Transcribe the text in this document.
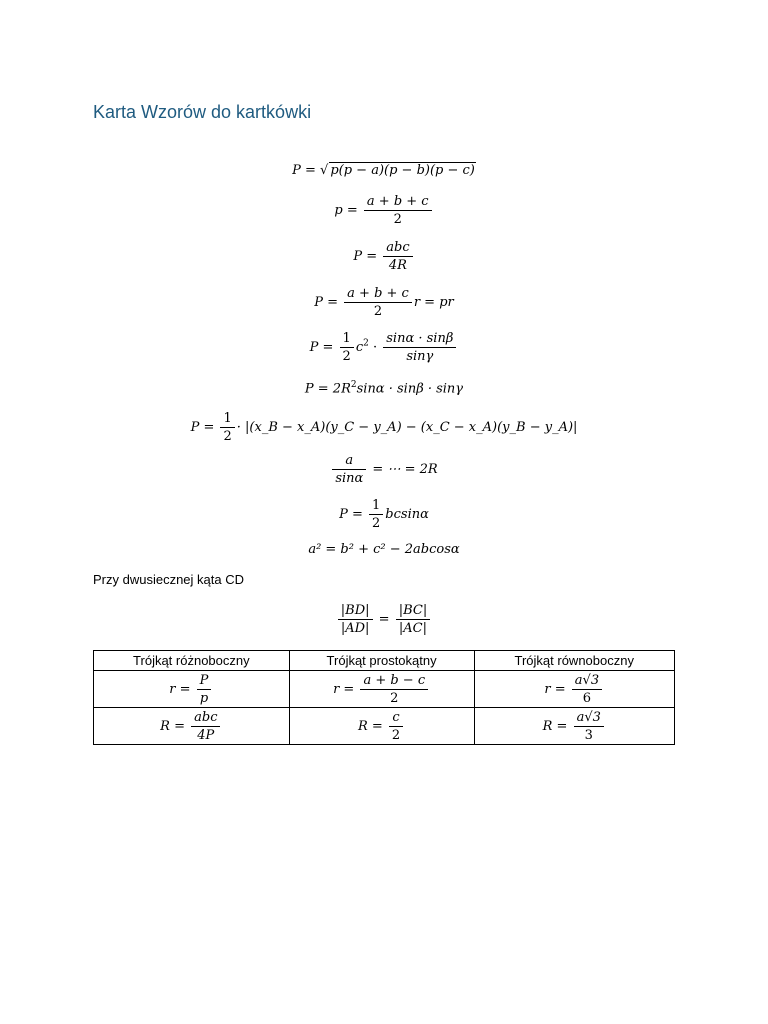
Karta Wzorów do kartkówki
P = √ p(p − a)(p − b)(p − c)
$p = \frac{a + b + c}{2}$
$P = \frac{\text{abc}}{4R}$
$P = \frac{a + b + c}{2}$ r = pr
$P = \frac{1}{2} c^2 \cdot \frac{\sin\alpha \cdot \sin\beta}{\sin\gamma}$
$P = 2R^2\sin\alpha \cdot \sin\beta \cdot \sin\gamma$
$P = \frac{1}{2}$ · |(x_B − x_A)(y_C − y_A) − (x_C − x_A)(y_B − y_A)|
$\frac{a}{\sin\alpha}$ = ⋯ = 2R
$P = \frac{1}{2}$ bcsinα
a² = b² + c² − 2abcosα
Przy dwusiecznej kąta CD
$\frac{|BD|}{|AD|} = \frac{|BC|}{|AC|}$
Trójkąt różnoboczny	Trójkąt prostokątny	Trójkąt równoboczny
$r = \frac{P}{p}$	$r = \frac{a + b - c}{2}$	$r = \frac{a√3}{6}$

$R = \frac{\text{abc}}{4P}$	$R = \frac{c}{2}$	$R = \frac{a√3}{3}$
